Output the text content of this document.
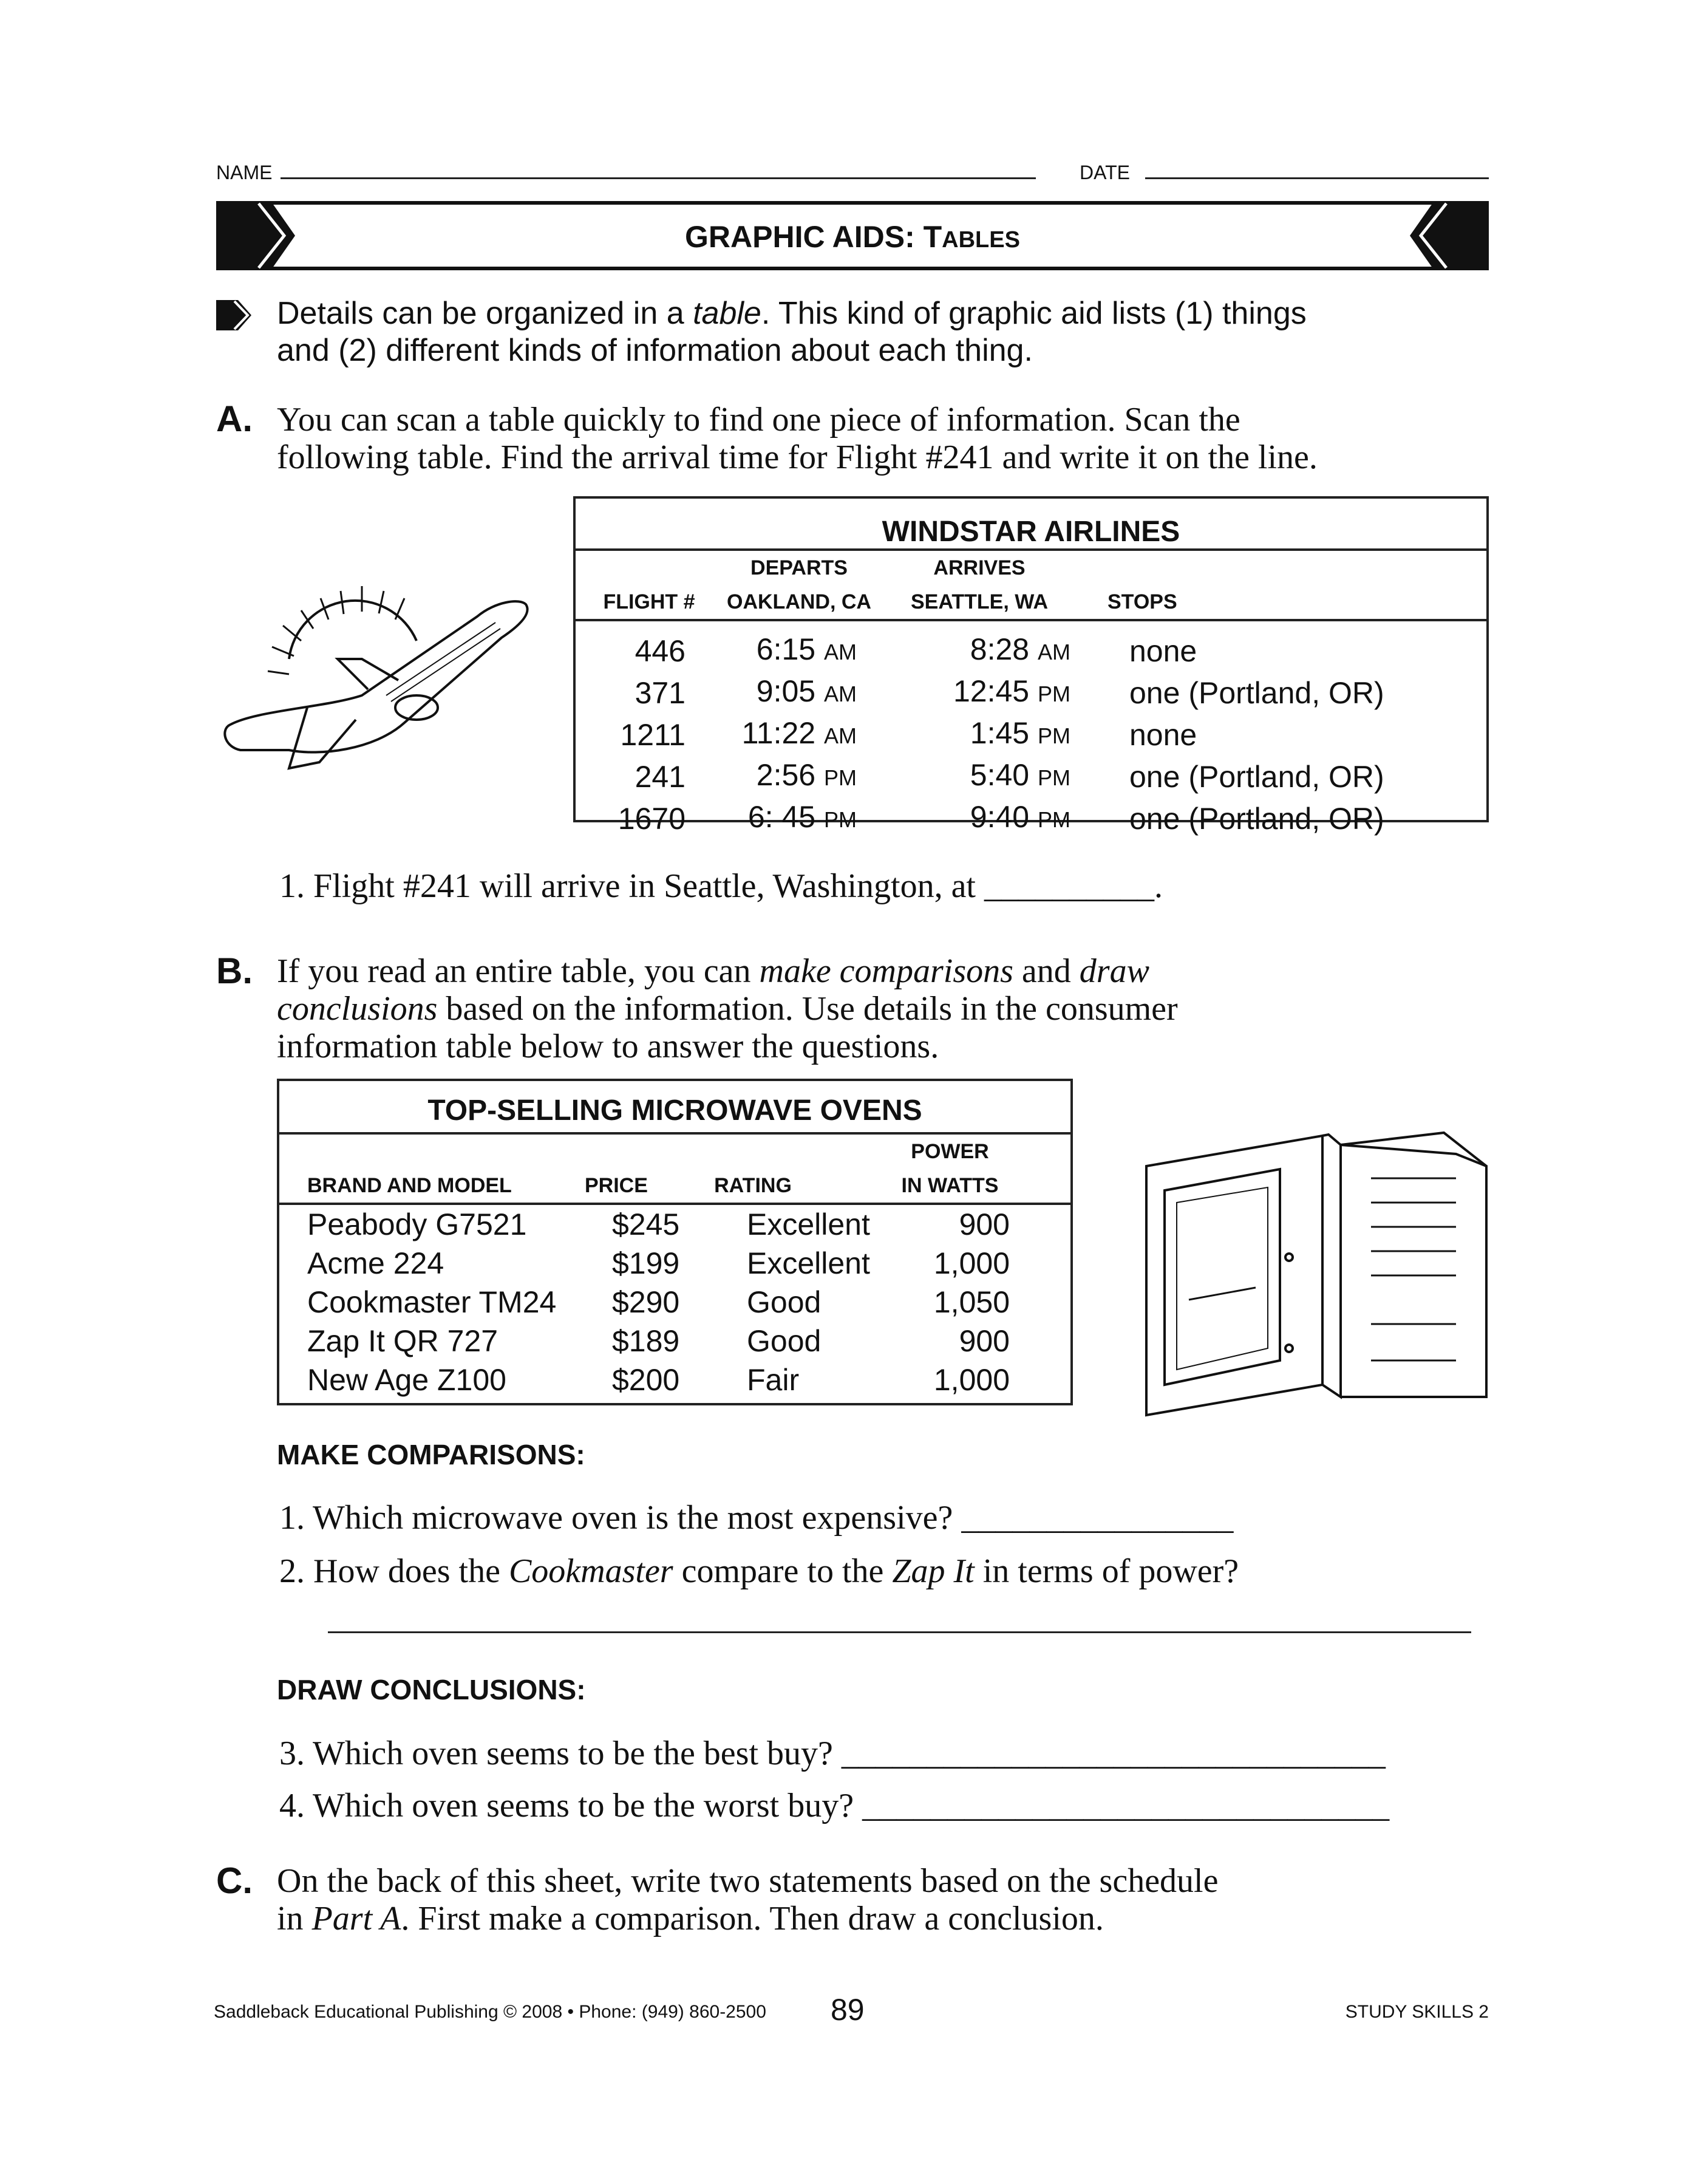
NAME	DATE
GRAPHIC AIDS: TABLES
Details can be organized in a table. This kind of graphic aid lists (1) things
and (2) different kinds of information about each thing.
A. You can scan a table quickly to find one piece of information. Scan the
following table. Find the arrival time for Flight #241 and write it on the line.
WINDSTAR AIRLINES
	DEPARTS	ARRIVES	
FLIGHT #	OAKLAND, CA	SEATTLE, WA	STOPS
446	6:15 AM	8:28 AM	none
371	9:05 AM	12:45 PM	one (Portland, OR)
1211	11:22 AM	1:45 PM	none
241	2:56 PM	5:40 PM	one (Portland, OR)
1670	6: 45 PM	9:40 PM	one (Portland, OR)
1. Flight #241 will arrive in Seattle, Washington, at __________.
B. If you read an entire table, you can make comparisons and draw
conclusions based on the information. Use details in the consumer
information table below to answer the questions.
TOP-SELLING MICROWAVE OVENS
			POWER
BRAND AND MODEL	PRICE	RATING	IN WATTS
Peabody G7521	$245	Excellent	900
Acme 224	$199	Excellent	1,000
Cookmaster TM24	$290	Good	1,050
Zap It QR 727	$189	Good	900
New Age Z100	$200	Fair	1,000
MAKE COMPARISONS:
1. Which microwave oven is the most expensive? ________________
2. How does the Cookmaster compare to the Zap It in terms of power?
DRAW CONCLUSIONS:
3. Which oven seems to be the best buy? ________________________________
4. Which oven seems to be the worst buy? _______________________________
C. On the back of this sheet, write two statements based on the schedule
in Part A. First make a comparison. Then draw a conclusion.
Saddleback Educational Publishing © 2008 • Phone: (949) 860-2500 89	STUDY SKILLS 2
